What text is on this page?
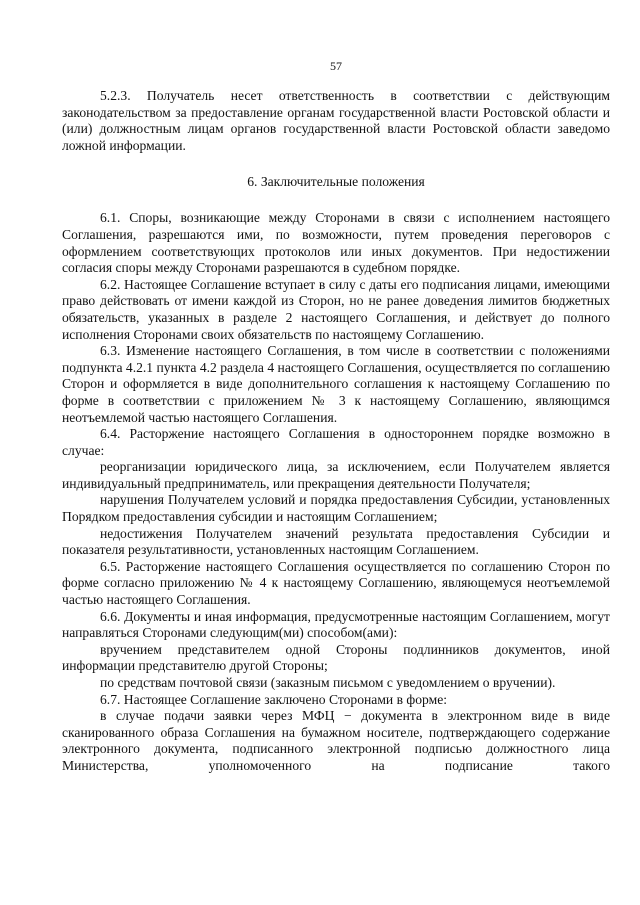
57

5.2.3. Получатель несет ответственность в соответствии с действующим законодательством за предоставление органам государственной власти Ростовской области и (или) должностным лицам органов государственной власти Ростовской области заведомо ложной информации.

6. Заключительные положения

6.1. Споры, возникающие между Сторонами в связи с исполнением настоящего Соглашения, разрешаются ими, по возможности, путем проведения переговоров с оформлением соответствующих протоколов или иных документов. При недостижении согласия споры между Сторонами разрешаются в судебном порядке.

6.2. Настоящее Соглашение вступает в силу с даты его подписания лицами, имеющими право действовать от имени каждой из Сторон, но не ранее доведения лимитов бюджетных обязательств, указанных в разделе 2 настоящего Соглашения, и действует до полного исполнения Сторонами своих обязательств по настоящему Соглашению.

6.3. Изменение настоящего Соглашения, в том числе в соответствии с положениями подпункта 4.2.1 пункта 4.2 раздела 4 настоящего Соглашения, осуществляется по соглашению Сторон и оформляется в виде дополнительного соглашения к настоящему Соглашению по форме в соответствии с приложением № 3 к настоящему Соглашению, являющимся неотъемлемой частью настоящего Соглашения.

6.4. Расторжение настоящего Соглашения в одностороннем порядке возможно в случае:

реорганизации юридического лица, за исключением, если Получателем является индивидуальный предприниматель, или прекращения деятельности Получателя;

нарушения Получателем условий и порядка предоставления Субсидии, установленных Порядком предоставления субсидии и настоящим Соглашением;

недостижения Получателем значений результата предоставления Субсидии и показателя результативности, установленных настоящим Соглашением.

6.5. Расторжение настоящего Соглашения осуществляется по соглашению Сторон по форме согласно приложению № 4 к настоящему Соглашению, являющемуся неотъемлемой частью настоящего Соглашения.

6.6. Документы и иная информация, предусмотренные настоящим Соглашением, могут направляться Сторонами следующим(ми) способом(ами):

вручением представителем одной Стороны подлинников документов, иной информации представителю другой Стороны;

по средствам почтовой связи (заказным письмом с уведомлением о вручении).

6.7. Настоящее Соглашение заключено Сторонами в форме:

в случае подачи заявки через МФЦ − документа в электронном виде в виде сканированного образа Соглашения на бумажном носителе, подтверждающего содержание электронного документа, подписанного электронной подписью должностного лица Министерства, уполномоченного на подписание такого
